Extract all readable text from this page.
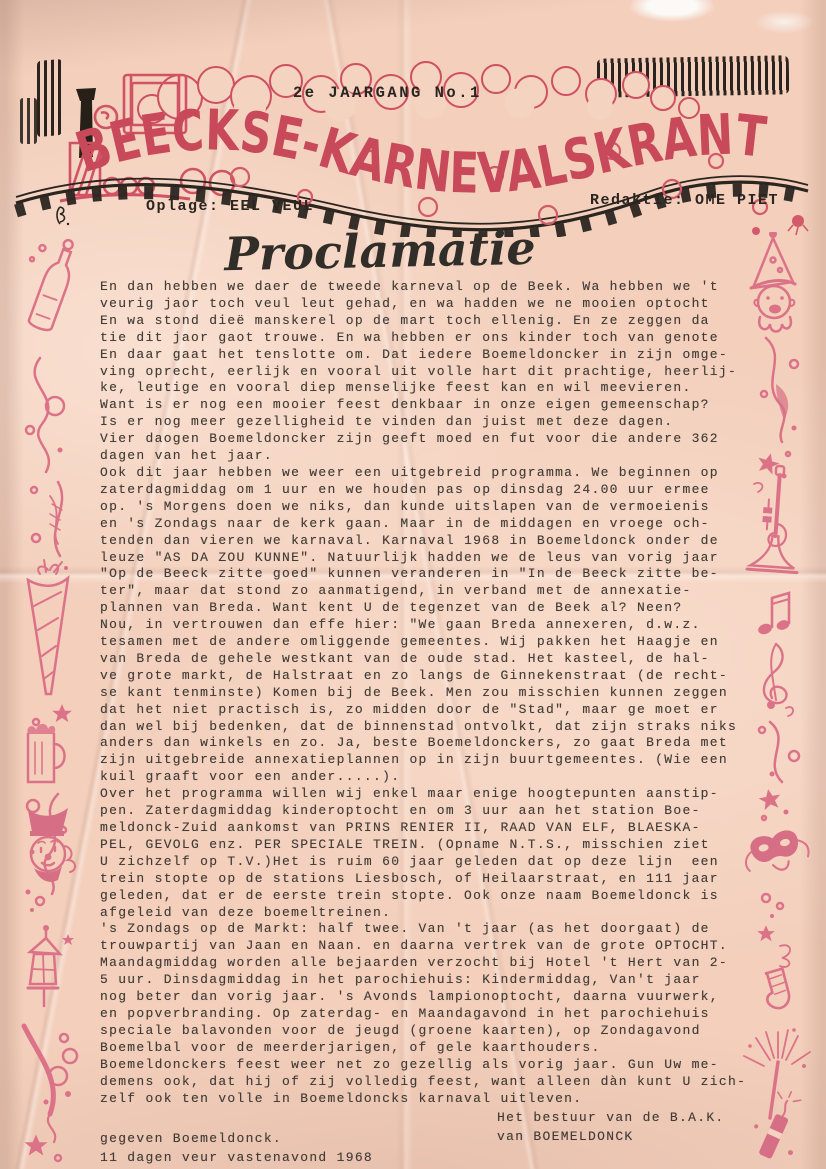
2e JAARGANG No.1
BEECKSE-KARNEVALSKRANT
Oplage: EEL VEUL	Redaktie: OME PIET
Proclamatie
En dan hebben we daer de tweede karneval op de Beek. Wa hebben we 't
veurig jaor toch veul leut gehad, en wa hadden we ne mooien optocht
En wa stond dieë manskerel op de mart toch ellenig. En ze zeggen da
tie dit jaor gaot trouwe. En wa hebben er ons kinder toch van genote
En daar gaat het tenslotte om. Dat iedere Boemeldoncker in zijn omge-
ving oprecht, eerlijk en vooral uit volle hart dit prachtige, heerlij-
ke, leutige en vooral diep menselijke feest kan en wil meevieren.
Want is er nog een mooier feest denkbaar in onze eigen gemeenschap?
Is er nog meer gezelligheid te vinden dan juist met deze dagen.
Vier daogen Boemeldoncker zijn geeft moed en fut voor die andere 362
dagen van het jaar.
Ook dit jaar hebben we weer een uitgebreid programma. We beginnen op
zaterdagmiddag om 1 uur en we houden pas op dinsdag 24.00 uur ermee
op. 's Morgens doen we niks, dan kunde uitslapen van de vermoeienis
en 's Zondags naar de kerk gaan. Maar in de middagen en vroege och-
tenden dan vieren we karnaval. Karnaval 1968 in Boemeldonck onder de
leuze "AS DA ZOU KUNNE". Natuurlijk hadden we de leus van vorig jaar
"Op de Beeck zitte goed" kunnen veranderen in "In de Beeck zitte be-
ter", maar dat stond zo aanmatigend, in verband met de annexatie-
plannen van Breda. Want kent U de tegenzet van de Beek al? Neen?
Nou, in vertrouwen dan effe hier: "We gaan Breda annexeren, d.w.z.
tesamen met de andere omliggende gemeentes. Wij pakken het Haagje en
van Breda de gehele westkant van de oude stad. Het kasteel, de hal-
ve grote markt, de Halstraat en zo langs de Ginnekenstraat (de recht-
se kant tenminste) Komen bij de Beek. Men zou misschien kunnen zeggen
dat het niet practisch is, zo midden door de "Stad", maar ge moet er
dan wel bij bedenken, dat de binnenstad ontvolkt, dat zijn straks niks
anders dan winkels en zo. Ja, beste Boemeldonckers, zo gaat Breda met
zijn uitgebreide annexatieplannen op in zijn buurtgemeentes. (Wie een
kuil graaft voor een ander.....).
Over het programma willen wij enkel maar enige hoogtepunten aanstip-
pen. Zaterdagmiddag kinderoptocht en om 3 uur aan het station Boe-
meldonck-Zuid aankomst van PRINS RENIER II, RAAD VAN ELF, BLAESKA-
PEL, GEVOLG enz. PER SPECIALE TREIN. (Opname N.T.S., misschien ziet
U zichzelf op T.V.)Het is ruim 60 jaar geleden dat op deze lijn  een
trein stopte op de stations Liesbosch, of Heilaarstraat, en 111 jaar
geleden, dat er de eerste trein stopte. Ook onze naam Boemeldonck is
afgeleid van deze boemeltreinen.
's Zondags op de Markt: half twee. Van 't jaar (as het doorgaat) de
trouwpartij van Jaan en Naan. en daarna vertrek van de grote OPTOCHT.
Maandagmiddag worden alle bejaarden verzocht bij Hotel 't Hert van 2-
5 uur. Dinsdagmiddag in het parochiehuis: Kindermiddag, Van't jaar
nog beter dan vorig jaar. 's Avonds lampionoptocht, daarna vuurwerk,
en popverbranding. Op zaterdag- en Maandagavond in het parochiehuis
speciale balavonden voor de jeugd (groene kaarten), op Zondagavond
Boemelbal voor de meerderjarigen, of gele kaarthouders.
Boemeldonckers feest weer net zo gezellig als vorig jaar. Gun Uw me-
demens ook, dat hij of zij volledig feest, want alleen dàn kunt U zich-
zelf ook ten volle in Boemeldoncks karnaval uitleven.
Het bestuur van de B.A.K.
van BOEMELDONCK
gegeven Boemeldonck.
11 dagen veur vastenavond 1968
